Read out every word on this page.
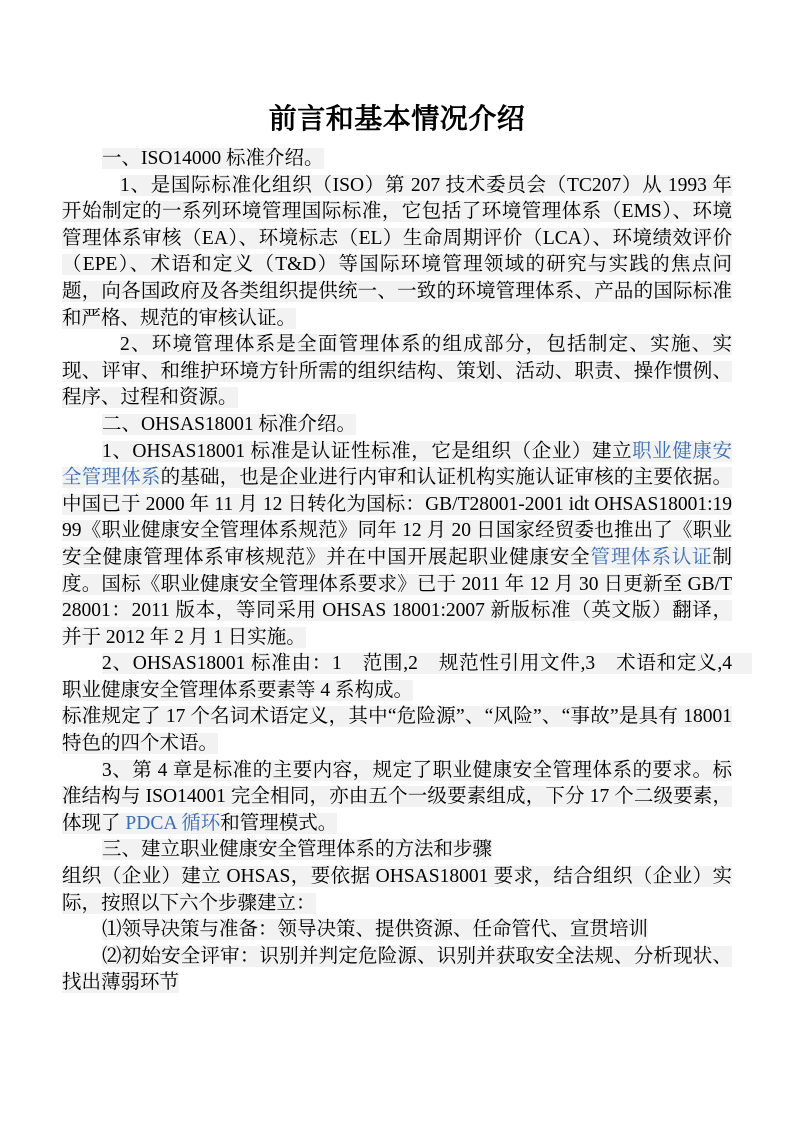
前言和基本情况介绍

一、ISO14000 标准介绍。

1、是国际标准化组织（ISO）第 207 技术委员会（TC207）从 1993 年开始制定的一系列环境管理国际标准，它包括了环境管理体系（EMS）、环境管理体系审核（EA）、环境标志（EL）生命周期评价（LCA）、环境绩效评价（EPE）、术语和定义（T&D）等国际环境管理领域的研究与实践的焦点问题，向各国政府及各类组织提供统一、一致的环境管理体系、产品的国际标准和严格、规范的审核认证。

2、环境管理体系是全面管理体系的组成部分，包括制定、实施、实现、评审、和维护环境方针所需的组织结构、策划、活动、职责、操作惯例、程序、过程和资源。

二、OHSAS18001 标准介绍。

1、OHSAS18001 标准是认证性标准，它是组织（企业）建立职业健康安全管理体系的基础，也是企业进行内审和认证机构实施认证审核的主要依据。中国已于 2000 年 11 月 12 日转化为国标：GB/T28001-2001 idt OHSAS18001:1999《职业健康安全管理体系规范》同年 12 月 20 日国家经贸委也推出了《职业安全健康管理体系审核规范》并在中国开展起职业健康安全管理体系认证制度。国标《职业健康安全管理体系要求》已于 2011 年 12 月 30 日更新至 GB/T28001：2011 版本，等同采用 OHSAS 18001:2007 新版标准（英文版）翻译，并于 2012 年 2 月 1 日实施。

2、OHSAS18001 标准由：1　范围,2　规范性引用文件,3　术语和定义,4　职业健康安全管理体系要素等 4 系构成。

标准规定了 17 个名词术语定义，其中“危险源”、“风险”、“事故”是具有 18001 特色的四个术语。

3、第 4 章是标准的主要内容，规定了职业健康安全管理体系的要求。标准结构与 ISO14001 完全相同，亦由五个一级要素组成，下分 17 个二级要素，体现了 PDCA 循环和管理模式。

三、建立职业健康安全管理体系的方法和步骤

组织（企业）建立 OHSAS，要依据 OHSAS18001 要求，结合组织（企业）实际，按照以下六个步骤建立：

⑴领导决策与准备：领导决策、提供资源、任命管代、宣贯培训

⑵初始安全评审：识别并判定危险源、识别并获取安全法规、分析现状、找出薄弱环节
